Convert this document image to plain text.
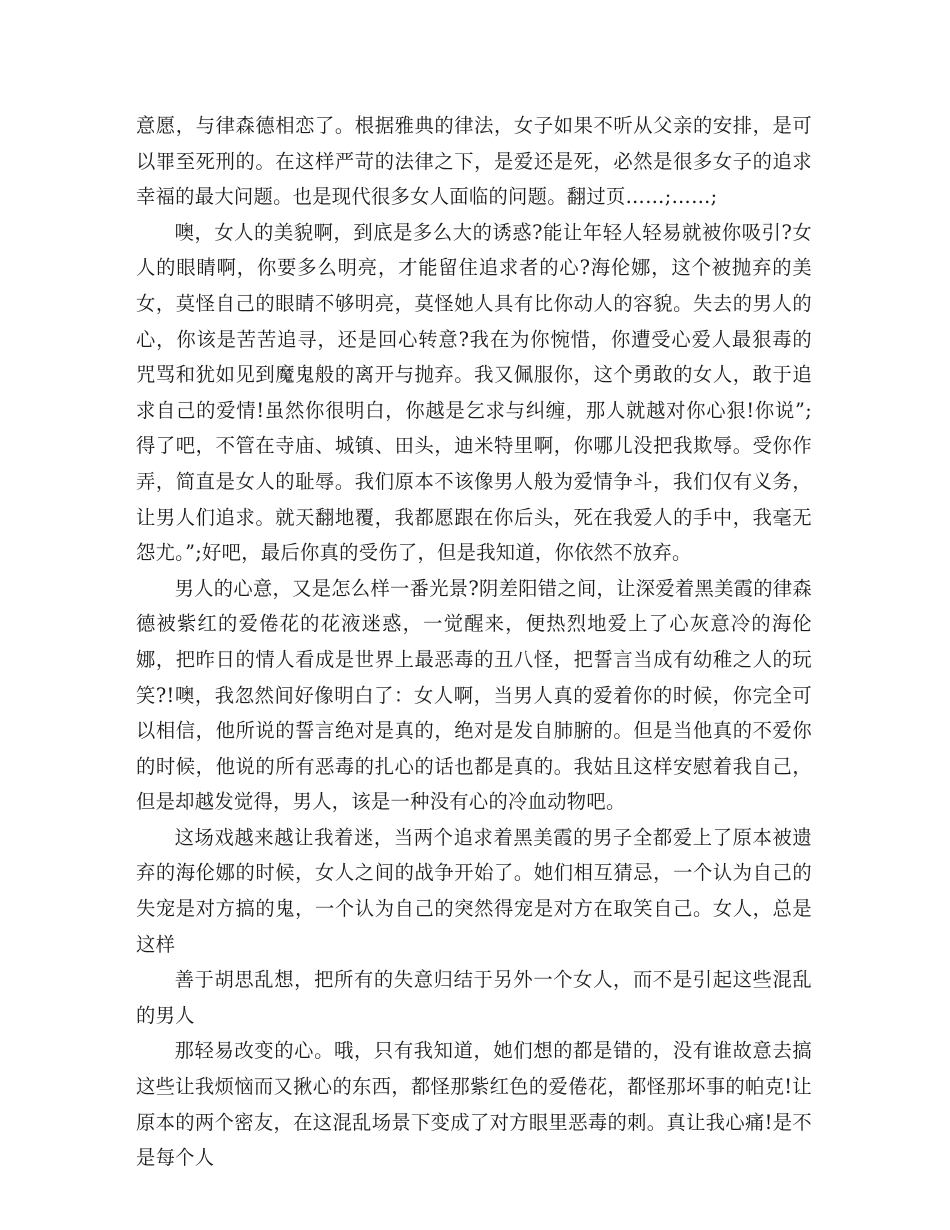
意愿，与律森德相恋了。根据雅典的律法，女子如果不听从父亲的安排，是可以罪至死刑的。在这样严苛的法律之下，是爱还是死，必然是很多女子的追求幸福的最大问题。也是现代很多女人面临的问题。翻过页……;……;

噢，女人的美貌啊，到底是多么大的诱惑?能让年轻人轻易就被你吸引?女人的眼睛啊，你要多么明亮，才能留住追求者的心?海伦娜，这个被抛弃的美女，莫怪自己的眼睛不够明亮，莫怪她人具有比你动人的容貌。失去的男人的心，你该是苦苦追寻，还是回心转意?我在为你惋惜，你遭受心爱人最狠毒的咒骂和犹如见到魔鬼般的离开与抛弃。我又佩服你，这个勇敢的女人，敢于追求自己的爱情!虽然你很明白，你越是乞求与纠缠，那人就越对你心狠!你说”;得了吧，不管在寺庙、城镇、田头，迪米特里啊，你哪儿没把我欺辱。受你作弄，简直是女人的耻辱。我们原本不该像男人般为爱情争斗，我们仅有义务，让男人们追求。就天翻地覆，我都愿跟在你后头，死在我爱人的手中，我毫无怨尤。”;好吧，最后你真的受伤了，但是我知道，你依然不放弃。

男人的心意，又是怎么样一番光景?阴差阳错之间，让深爱着黑美霞的律森德被紫红的爱倦花的花液迷惑，一觉醒来，便热烈地爱上了心灰意冷的海伦娜，把昨日的情人看成是世界上最恶毒的丑八怪，把誓言当成有幼稚之人的玩笑?!噢，我忽然间好像明白了：女人啊，当男人真的爱着你的时候，你完全可以相信，他所说的誓言绝对是真的，绝对是发自肺腑的。但是当他真的不爱你的时候，他说的所有恶毒的扎心的话也都是真的。我姑且这样安慰着我自己，但是却越发觉得，男人，该是一种没有心的冷血动物吧。

这场戏越来越让我着迷，当两个追求着黑美霞的男子全都爱上了原本被遗弃的海伦娜的时候，女人之间的战争开始了。她们相互猜忌，一个认为自己的失宠是对方搞的鬼，一个认为自己的突然得宠是对方在取笑自己。女人，总是这样

善于胡思乱想，把所有的失意归结于另外一个女人，而不是引起这些混乱的男人

那轻易改变的心。哦，只有我知道，她们想的都是错的，没有谁故意去搞这些让我烦恼而又揪心的东西，都怪那紫红色的爱倦花，都怪那坏事的帕克!让原本的两个密友，在这混乱场景下变成了对方眼里恶毒的刺。真让我心痛!是不是每个人
